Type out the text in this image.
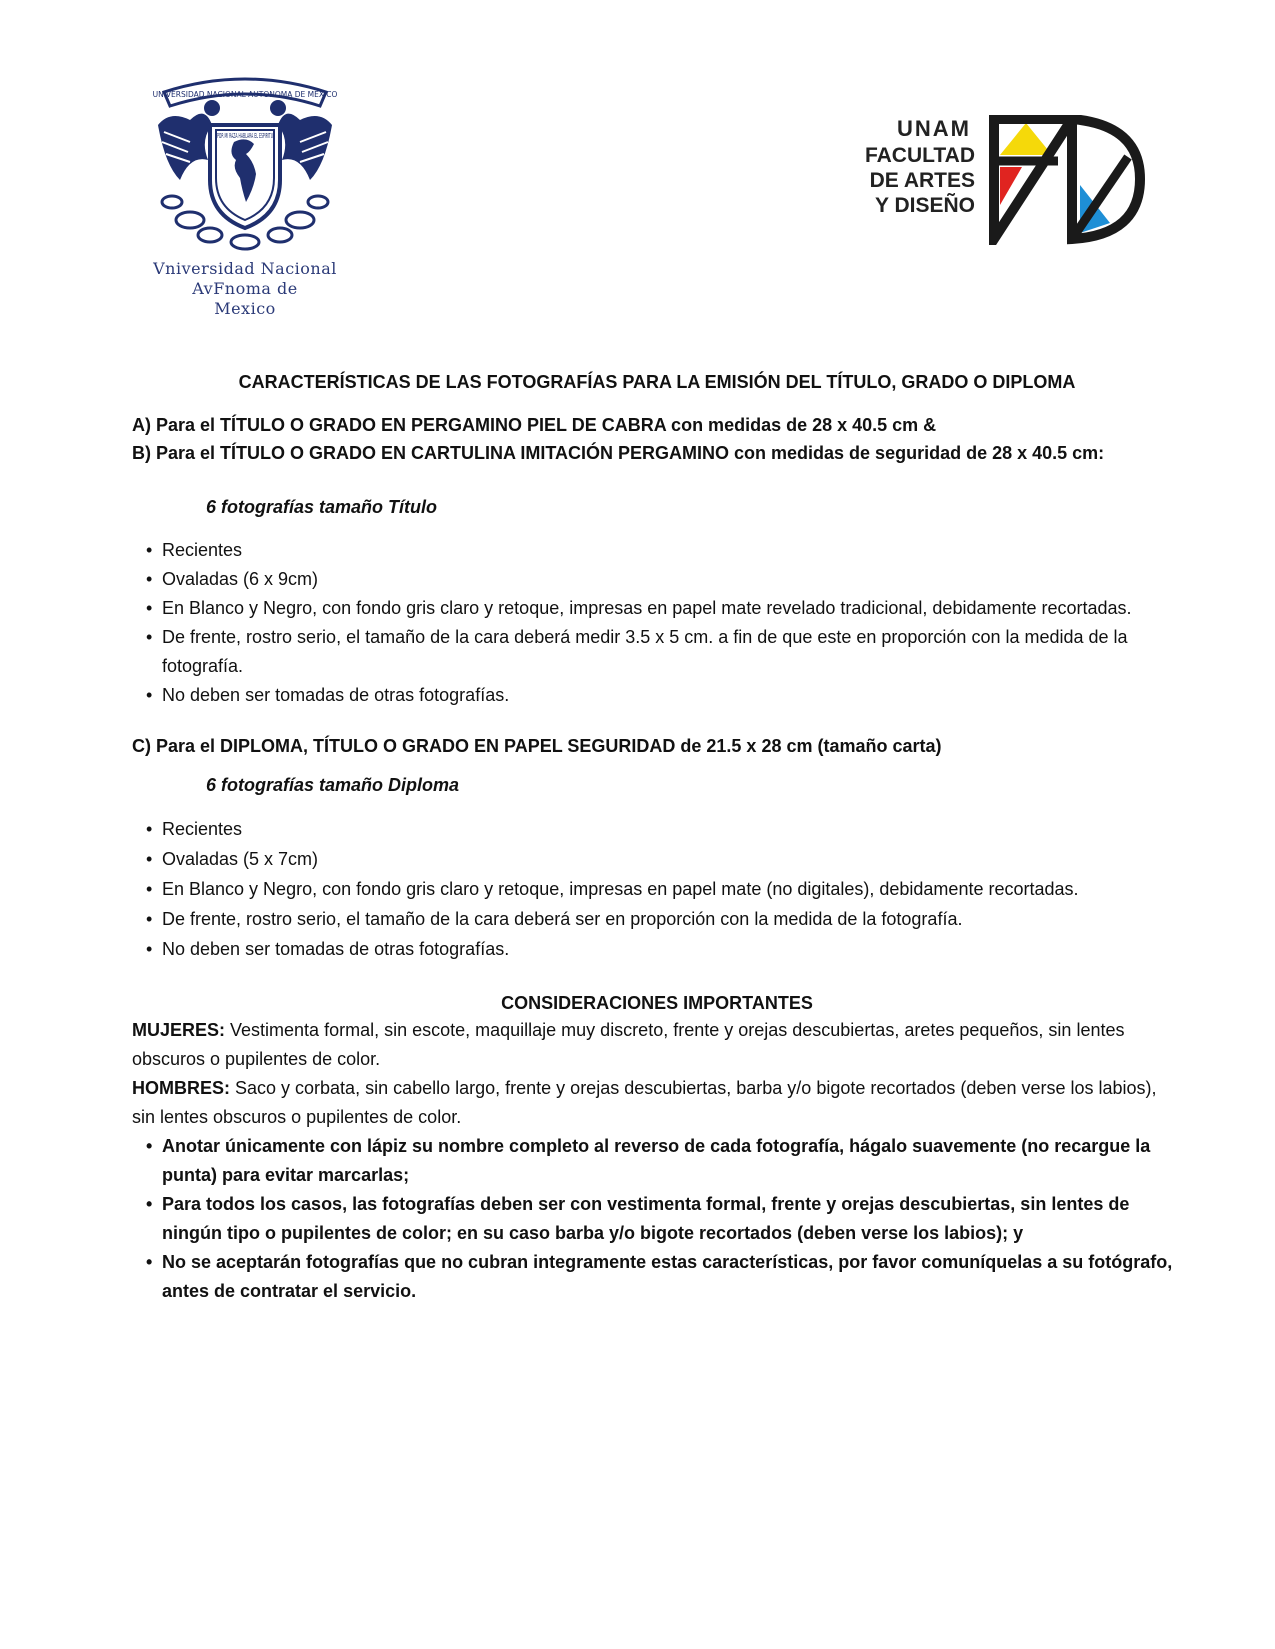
UNIVERSIDAD NACIONAL AUTONOMA DE MEXICO
POR MI RAZA HABLARA EL ESPIRITU
Vniversidad Nacional
AvFnoma de
Mexico
UNAM
FACULTAD
DE ARTES
Y DISEÑO
CARACTERÍSTICAS DE LAS FOTOGRAFÍAS PARA LA EMISIÓN DEL TÍTULO, GRADO O DIPLOMA
A) Para el TÍTULO O GRADO EN PERGAMINO PIEL DE CABRA con medidas de 28 x 40.5 cm &
B) Para el TÍTULO O GRADO EN CARTULINA IMITACIÓN PERGAMINO con medidas de seguridad de 28 x 40.5 cm:
6 fotografías tamaño Título
• Recientes
• Ovaladas (6 x 9cm)
• En Blanco y Negro, con fondo gris claro y retoque, impresas en papel mate revelado tradicional, debidamente recortadas.
• De frente, rostro serio, el tamaño de la cara deberá medir 3.5 x 5 cm. a fin de que este en proporción con la medida de la fotografía.
• No deben ser tomadas de otras fotografías.
C) Para el DIPLOMA, TÍTULO O GRADO EN PAPEL SEGURIDAD de 21.5 x 28 cm (tamaño carta)
6 fotografías tamaño Diploma
• Recientes
• Ovaladas (5 x 7cm)
• En Blanco y Negro, con fondo gris claro y retoque, impresas en papel mate (no digitales), debidamente recortadas.
• De frente, rostro serio, el tamaño de la cara deberá ser en proporción con la medida de la fotografía.
• No deben ser tomadas de otras fotografías.
CONSIDERACIONES IMPORTANTES
MUJERES: Vestimenta formal, sin escote, maquillaje muy discreto, frente y orejas descubiertas, aretes pequeños, sin lentes obscuros o pupilentes de color.
HOMBRES: Saco y corbata, sin cabello largo, frente y orejas descubiertas, barba y/o bigote recortados (deben verse los labios), sin lentes obscuros o pupilentes de color.
• Anotar únicamente con lápiz su nombre completo al reverso de cada fotografía, hágalo suavemente (no recargue la punta) para evitar marcarlas;
• Para todos los casos, las fotografías deben ser con vestimenta formal, frente y orejas descubiertas, sin lentes de ningún tipo o pupilentes de color; en su caso barba y/o bigote recortados (deben verse los labios); y
• No se aceptarán fotografías que no cubran integramente estas características, por favor comuníquelas a su fotógrafo, antes de contratar el servicio.
